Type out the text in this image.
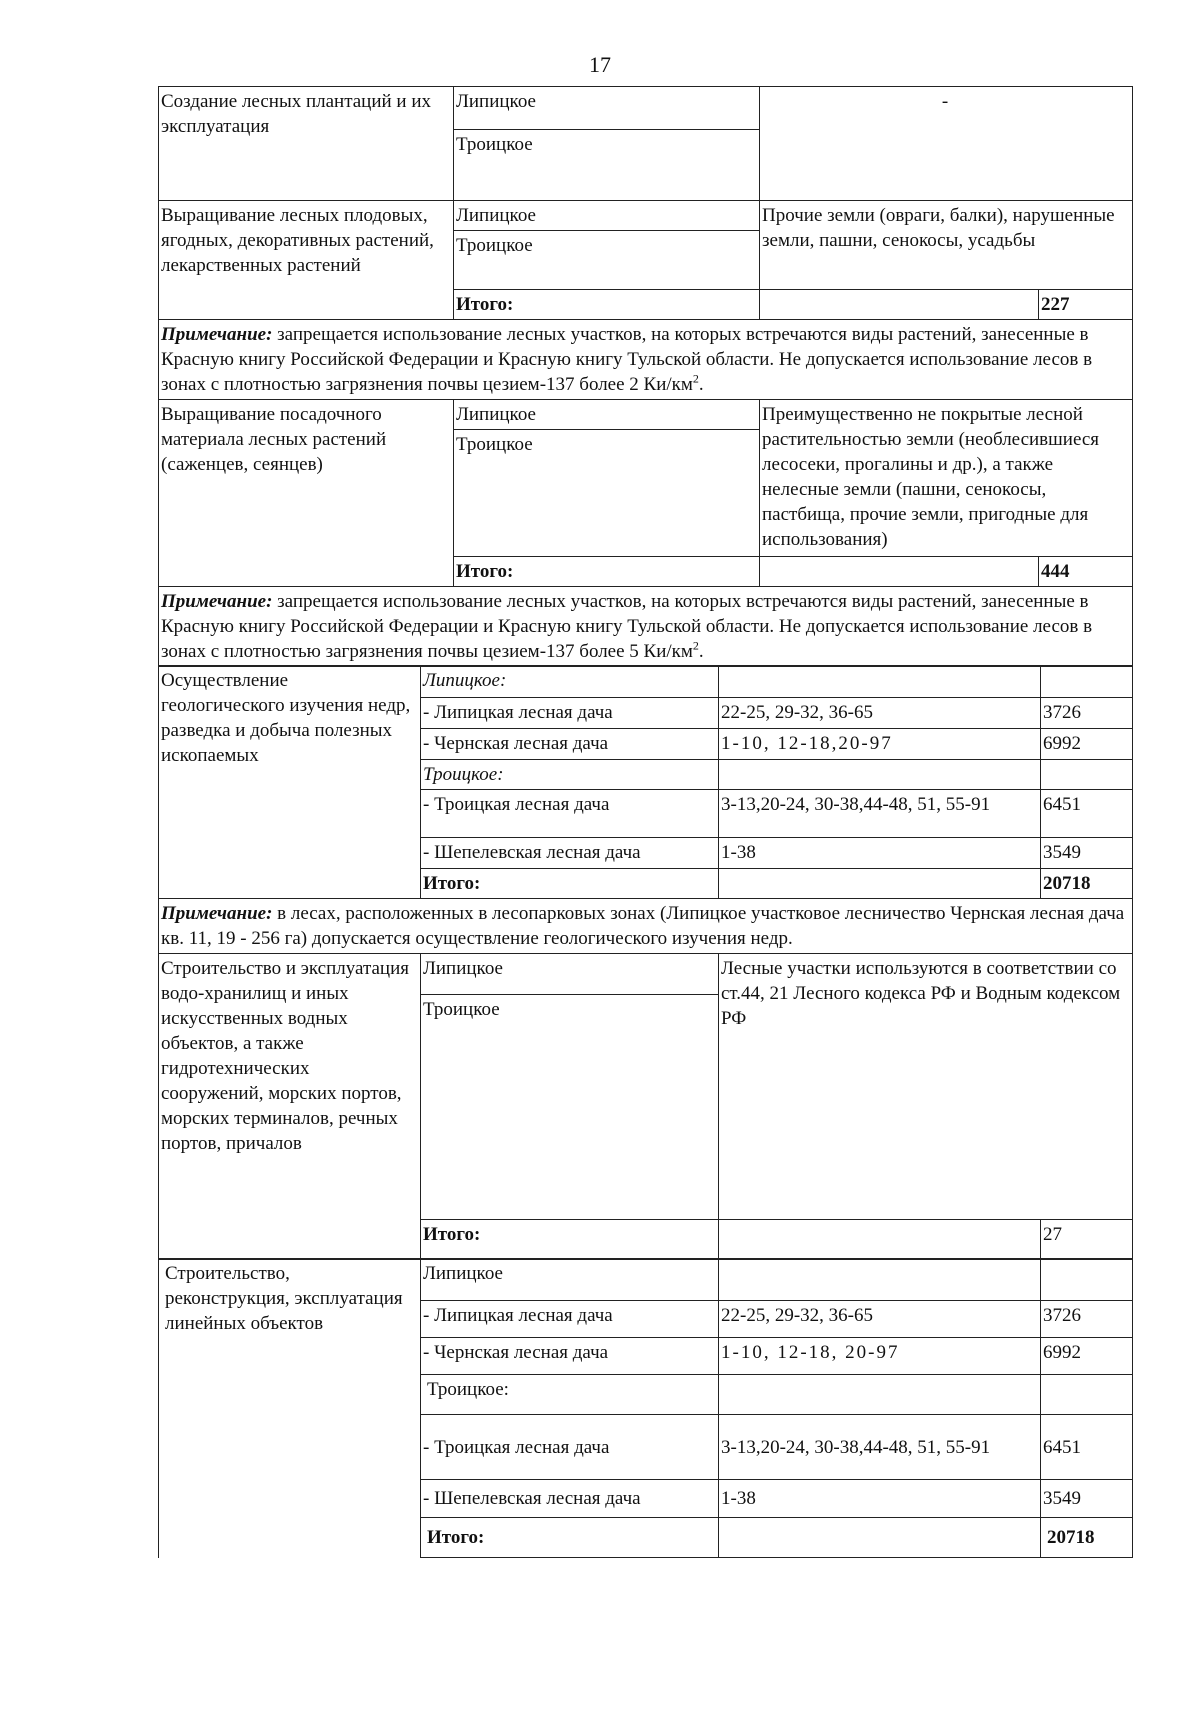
17
Создание лесных плантаций и их эксплуатация	Липицкое	-	
	Троицкое		
Выращивание лесных плодовых, ягодных, декоративных растений, лекарственных растений	Липицкое	Прочие земли (овраги, балки), нарушенные земли, пашни, сенокосы, усадьбы	
	Троицкое		
	Итого:		227
Примечание: запрещается использование лесных участков, на которых встречаются виды растений, занесенные в Красную книгу Российской Федерации и Красную книгу Тульской области. Не допускается использование лесов в зонах с плотностью загрязнения почвы цезием-137 более 2 $Ки/км^2$.			
Выращивание посадочного материала лесных растений (саженцев, сеянцев)	Липицкое	Преимущественно не покрытые лесной растительностью земли (необлесившиеся лесосеки, прогалины и др.), а также нелесные земли (пашни, сенокосы, пастбища, прочие земли, пригодные для использования)	
	Троицкое		
	Итого:		444
Примечание: запрещается использование лесных участков, на которых встречаются виды растений, занесенные в Красную книгу Российской Федерации и Красную книгу Тульской области. Не допускается использование лесов в зонах с плотностью загрязнения почвы цезием-137 более 5 $Ки/км^2$.			
Осуществление геологического изучения недр, разведка и добыча полезных ископаемых	Липицкое:		
	- Липицкая лесная дача	22-25, 29-32, 36-65	3726
	- Чернская лесная дача	1-10, 12-18,20-97	6992
	Троицкое:		
	- Троицкая лесная дача	3-13,20-24, 30-38,44-48, 51, 55-91	6451
	- Шепелевская лесная дача	1-38	3549
	Итого:		20718
Примечание: в лесах, расположенных в лесопарковых зонах (Липицкое участковое лесничество Чернская лесная дача кв. 11, 19 - 256 га) допускается осуществление геологического изучения недр.			
Строительство и эксплуатация водо-хранилищ и иных искусственных водных объектов, а также гидротехнических сооружений, морских портов, морских терминалов, речных портов, причалов	Липицкое	Лесные участки используются в соответствии со ст.44, 21 Лесного кодекса РФ и Водным кодексом РФ	
	Троицкое		
	Итого:		27
Строительство, реконструкция, эксплуатация линейных объектов	Липицкое		
	- Липицкая лесная дача	22-25, 29-32, 36-65	3726
	- Чернская лесная дача	1-10, 12-18, 20-97	6992
	Троицкое:		
	- Троицкая лесная дача	3-13,20-24, 30-38,44-48, 51, 55-91	6451
	- Шепелевская лесная дача	1-38	3549
	Итого:		20718
